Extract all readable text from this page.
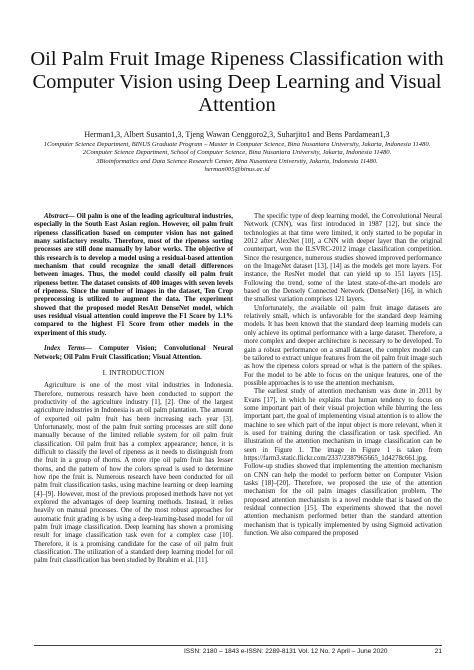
Oil Palm Fruit Image Ripeness Classification with Computer Vision using Deep Learning and Visual Attention
Herman1,3, Albert Susanto1,3, Tjeng Wawan Cenggoro2,3, Suharjito1 and Bens Pardamean1,3

1Computer Science Department, BINUS Graduate Program – Master in Computer Science, Bina Nusantara University, Jakarta, Indonesia 11480.

2Computer Science Department, School of Computer Science, Bina Nusantara University, Jakarta, Indonesia 11480.

3Bioinformatics and Data Science Research Center, Bina Nusantara University, Jakarta, Indonesia 11480.

herman005@binus.ac.id

Abstract— Oil palm is one of the leading agricultural industries, especially in the South East Asian region. However, oil palm fruit ripeness classification based on computer vision has not gained many satisfactory results. Therefore, most of the ripeness sorting processes are still done manually by labor works. The objective of this research is to develop a model using a residual-based attention mechanism that could recognize the small detail differences between images. Thus, the model could classify oil palm fruit ripeness better. The dataset consists of 400 images with seven levels of ripeness. Since the number of images in the dataset, Ten Crop preprocessing is utilized to augment the data. The experiment showed that the proposed model ResAtt DenseNet model, which uses residual visual attention could improve the F1 Score by 1.1% compared to the highest F1 Score from other models in the experiment of this study.

Index Terms— Computer Vision; Convolutional Neural Network; Oil Palm Fruit Classification; Visual Attention.

I. INTRODUCTION

Agriculture is one of the most vital industries in Indonesia. Therefore, numerous research have been conducted to support the productivity of the agriculture industry [1], [2]. One of the largest agriculture industries in Indonesia is an oil palm plantation. The amount of exported oil palm fruit has been increasing each year [3]. Unfortunately, most of the palm fruit sorting processes are still done manually because of the limited reliable system for oil palm fruit classification. Oil palm fruit has a complex appearance; hence, it is difficult to classify the level of ripeness as it needs to distinguish from the fruit in a group of thorns. A more ripe oil palm fruit has lesser thorns, and the pattern of how the colors spread is used to determine how ripe the fruit is. Numerous research have been conducted for oil palm fruit classification tasks, using machine learning or deep learning [4]–[9]. However, most of the previous proposed methods have not yet explored the advantages of deep learning methods. Instead, it relies heavily on manual processes. One of the most robust approaches for automatic fruit grading is by using a deep-learning-based model for oil palm fruit image classification. Deep learning has shown a promising result for image classification task even for a complex case [10]. Therefore, it is a promising candidate for the case of oil palm fruit classification. The utilization of a standard deep learning model for oil palm fruit classification has been studied by Ibrahim et al. [11].

The specific type of deep learning model, the Convolutional Neural Network (CNN), was first introduced in 1987 [12], but since the technologies at that time were limited, it only started to be popular in 2012 after AlexNet [10], a CNN with deeper layer than the original counterpart, won the ILSVRC-2012 image classification competition. Since the resurgence, numerous studies showed improved performance on the ImageNet dataset [13], [14] as the models get more layers. For instance, the ResNet model that can yield up to 151 layers [15]. Following the trend, some of the latest state-of-the-art models are based on the Densely Connected Network (DenseNet) [16], in which the smallest variation comprises 121 layers.

Unfortunately, the available oil palm fruit image datasets are relatively small, which is unfavorable for the standard deep learning models. It has been known that the standard deep learning models can only achieve its optimal performance with a large dataset. Therefore, a more complex and deeper architecture is necessary to be developed. To gain a robust performance on a small dataset, the complex model can be tailored to extract unique features from the oil palm fruit image such as how the ripeness colors spread or what is the pattern of the spikes. For the model to be able to focus on the unique features, one of the possible approaches is to use the attention mechanism.

The earliest study of attention mechanism was done in 2011 by Evans [17], in which he explains that human tendency to focus on some important part of their visual projection while blurring the less important part, the goal of implementing visual attention is to allow the machine to see which part of the input object is more relevant, when it is used for training during the classification or task specified. An illustration of the attention mechanism in image classification can be seen in Figure 1. The image in Figure 1 is taken from https://farm3.static.flickr.com/2337/2387965665_1d4278c661.jpg. Follow-up studies showed that implementing the attention mechanism on CNN can help the model to perform better on Computer Vision tasks [18]–[20]. Therefore, we proposed the use of the attention mechanism for the oil palm images classification problem. The proposed attention mechanism is a novel module that is based on the residual connection [15]. The experiments showed that the novel attention mechanism performed better than the standard attention mechanism that is typically implemented by using Sigmoid activation function. We also compared the proposed

ISSN: 2180 – 1843 e-ISSN: 2289-8131 Vol. 12 No. 2 April – June 2020	21
